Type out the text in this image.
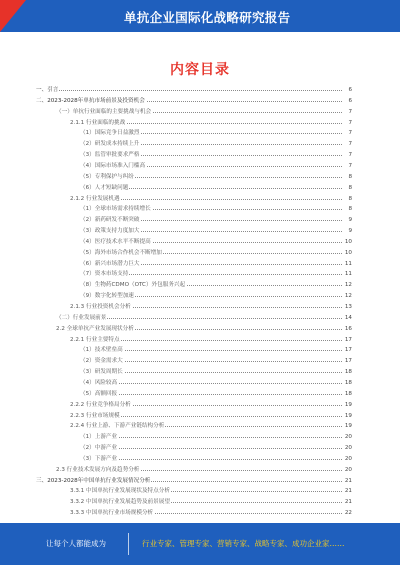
单抗企业国际化战略研究报告
内容目录
一、引言	6
二、2023-2028年单抗市场前景及投资机会	6
（一）单抗行业面临的主要挑战与机会	7
2.1.1 行业面临的挑战	7
（1）国际竞争日益激烈	7
（2）研发成本持续上升	7
（3）监管审批要求严格	7
（4）国际市场准入门槛高	7
（5）专利保护与纠纷	8
（6）人才短缺问题	8
2.1.2 行业发展机遇	8
（1）全球市场需求持续增长	8
（2）新药研发不断突破	9
（3）政策支持力度加大	9
（4）医疗技术水平不断提高	10
（5）海外市场合作机会不断增加	10
（6）新兴市场潜力巨大	11
（7）资本市场支持	11
（8）生物药CDMO（OTC）外包服务兴起	12
（9）数字化转型加速	12
2.1.3 行业投资机会分析	13
（二）行业发展前景	14
2.2 全球单抗产业发展现状分析	16
2.2.1 行业主要特点	17
（1）技术壁垒高	17
（2）资金需求大	17
（3）研发周期长	18
（4）风险较高	18
（5）高额回报	18
2.2.2 行业竞争格局分析	19
2.2.3 行业市场规模	19
2.2.4 行业上游、下游产业链结构分析	19
（1）上游产业	20
（2）中游产业	20
（3）下游产业	20
2.3 行业技术发展方向及趋势分析	20
三、2023-2028年中国单抗行业发展情况分析	21
3.3.1 中国单抗行业发展现状及特点分析	21
3.3.2 中国单抗行业发展趋势及前景展望	21
3.3.3 中国单抗行业市场规模分析	22
让每个人都能成为	行业专家、管理专家、营销专家、战略专家、成功企业家……
